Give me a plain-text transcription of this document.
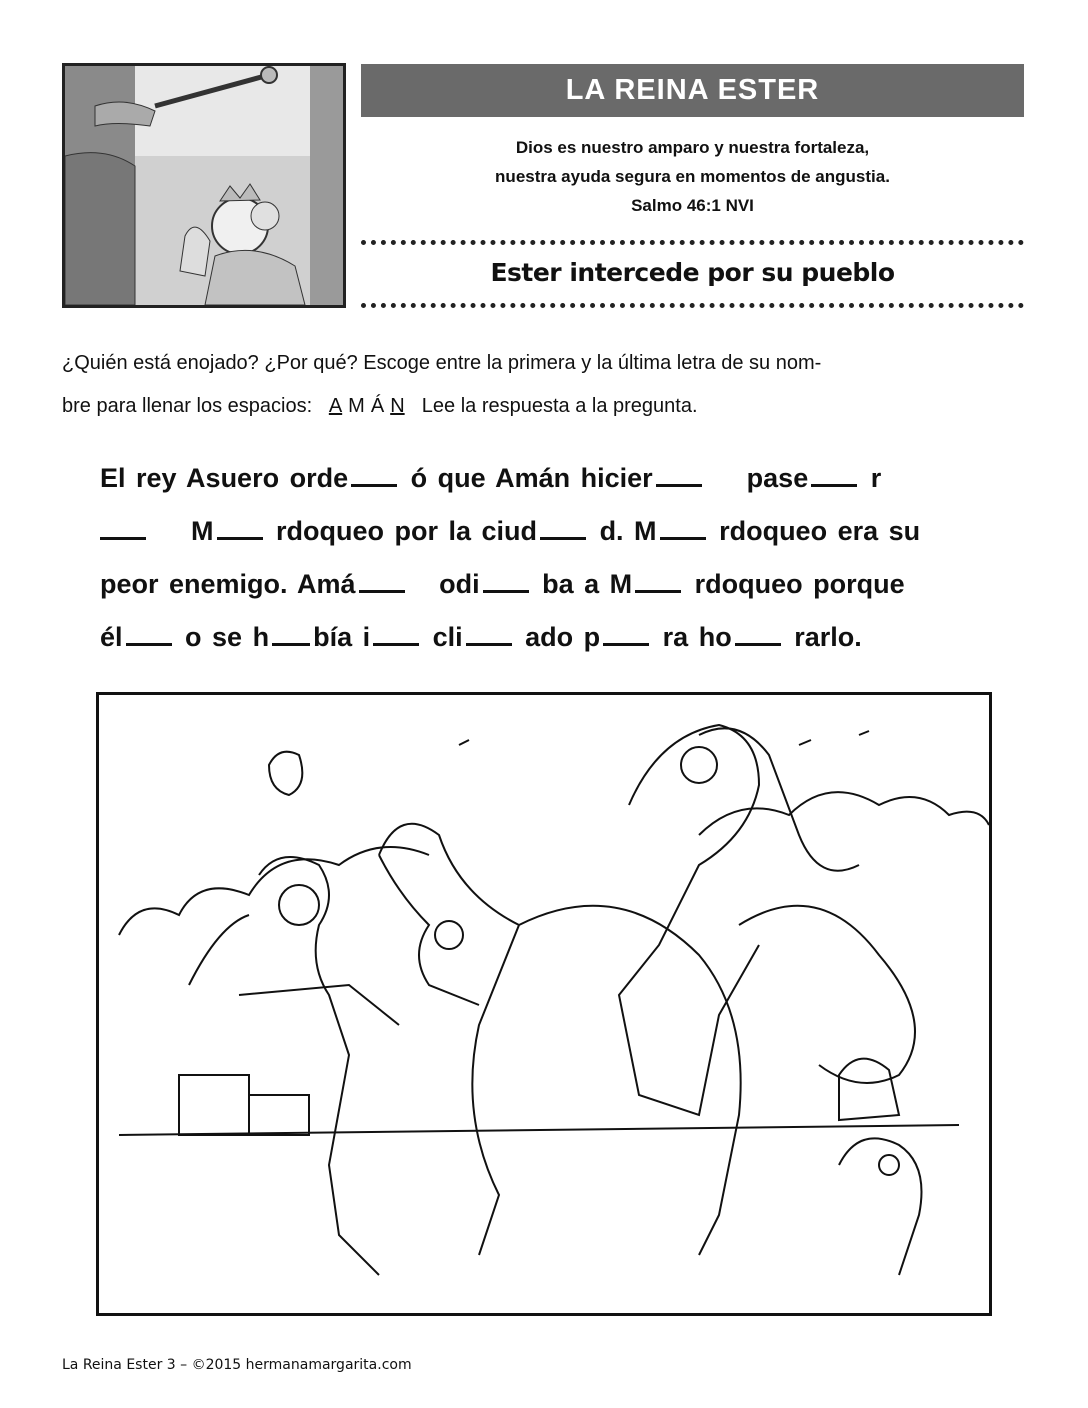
LA REINA ESTER
Dios es nuestro amparo y nuestra fortaleza,
nuestra ayuda segura en momentos de angustia.
Salmo 46:1 NVI
Ester intercede por su pueblo
¿Quién está enojado? ¿Por qué? Escoge entre la primera y la última letra de su nom-
bre para llenar los espacios: A M Á N Lee la respuesta a la pregunta.
El rey Asuero orde ó que Amán hicier	pase r
M rdoqueo por la ciud d. M rdoqueo era su
peor enemigo. Amá	odi ba a M rdoqueo porque
él o se h bía i cli ado p ra ho rarlo.
La Reina Ester 3 – ©2015 hermanamargarita.com
